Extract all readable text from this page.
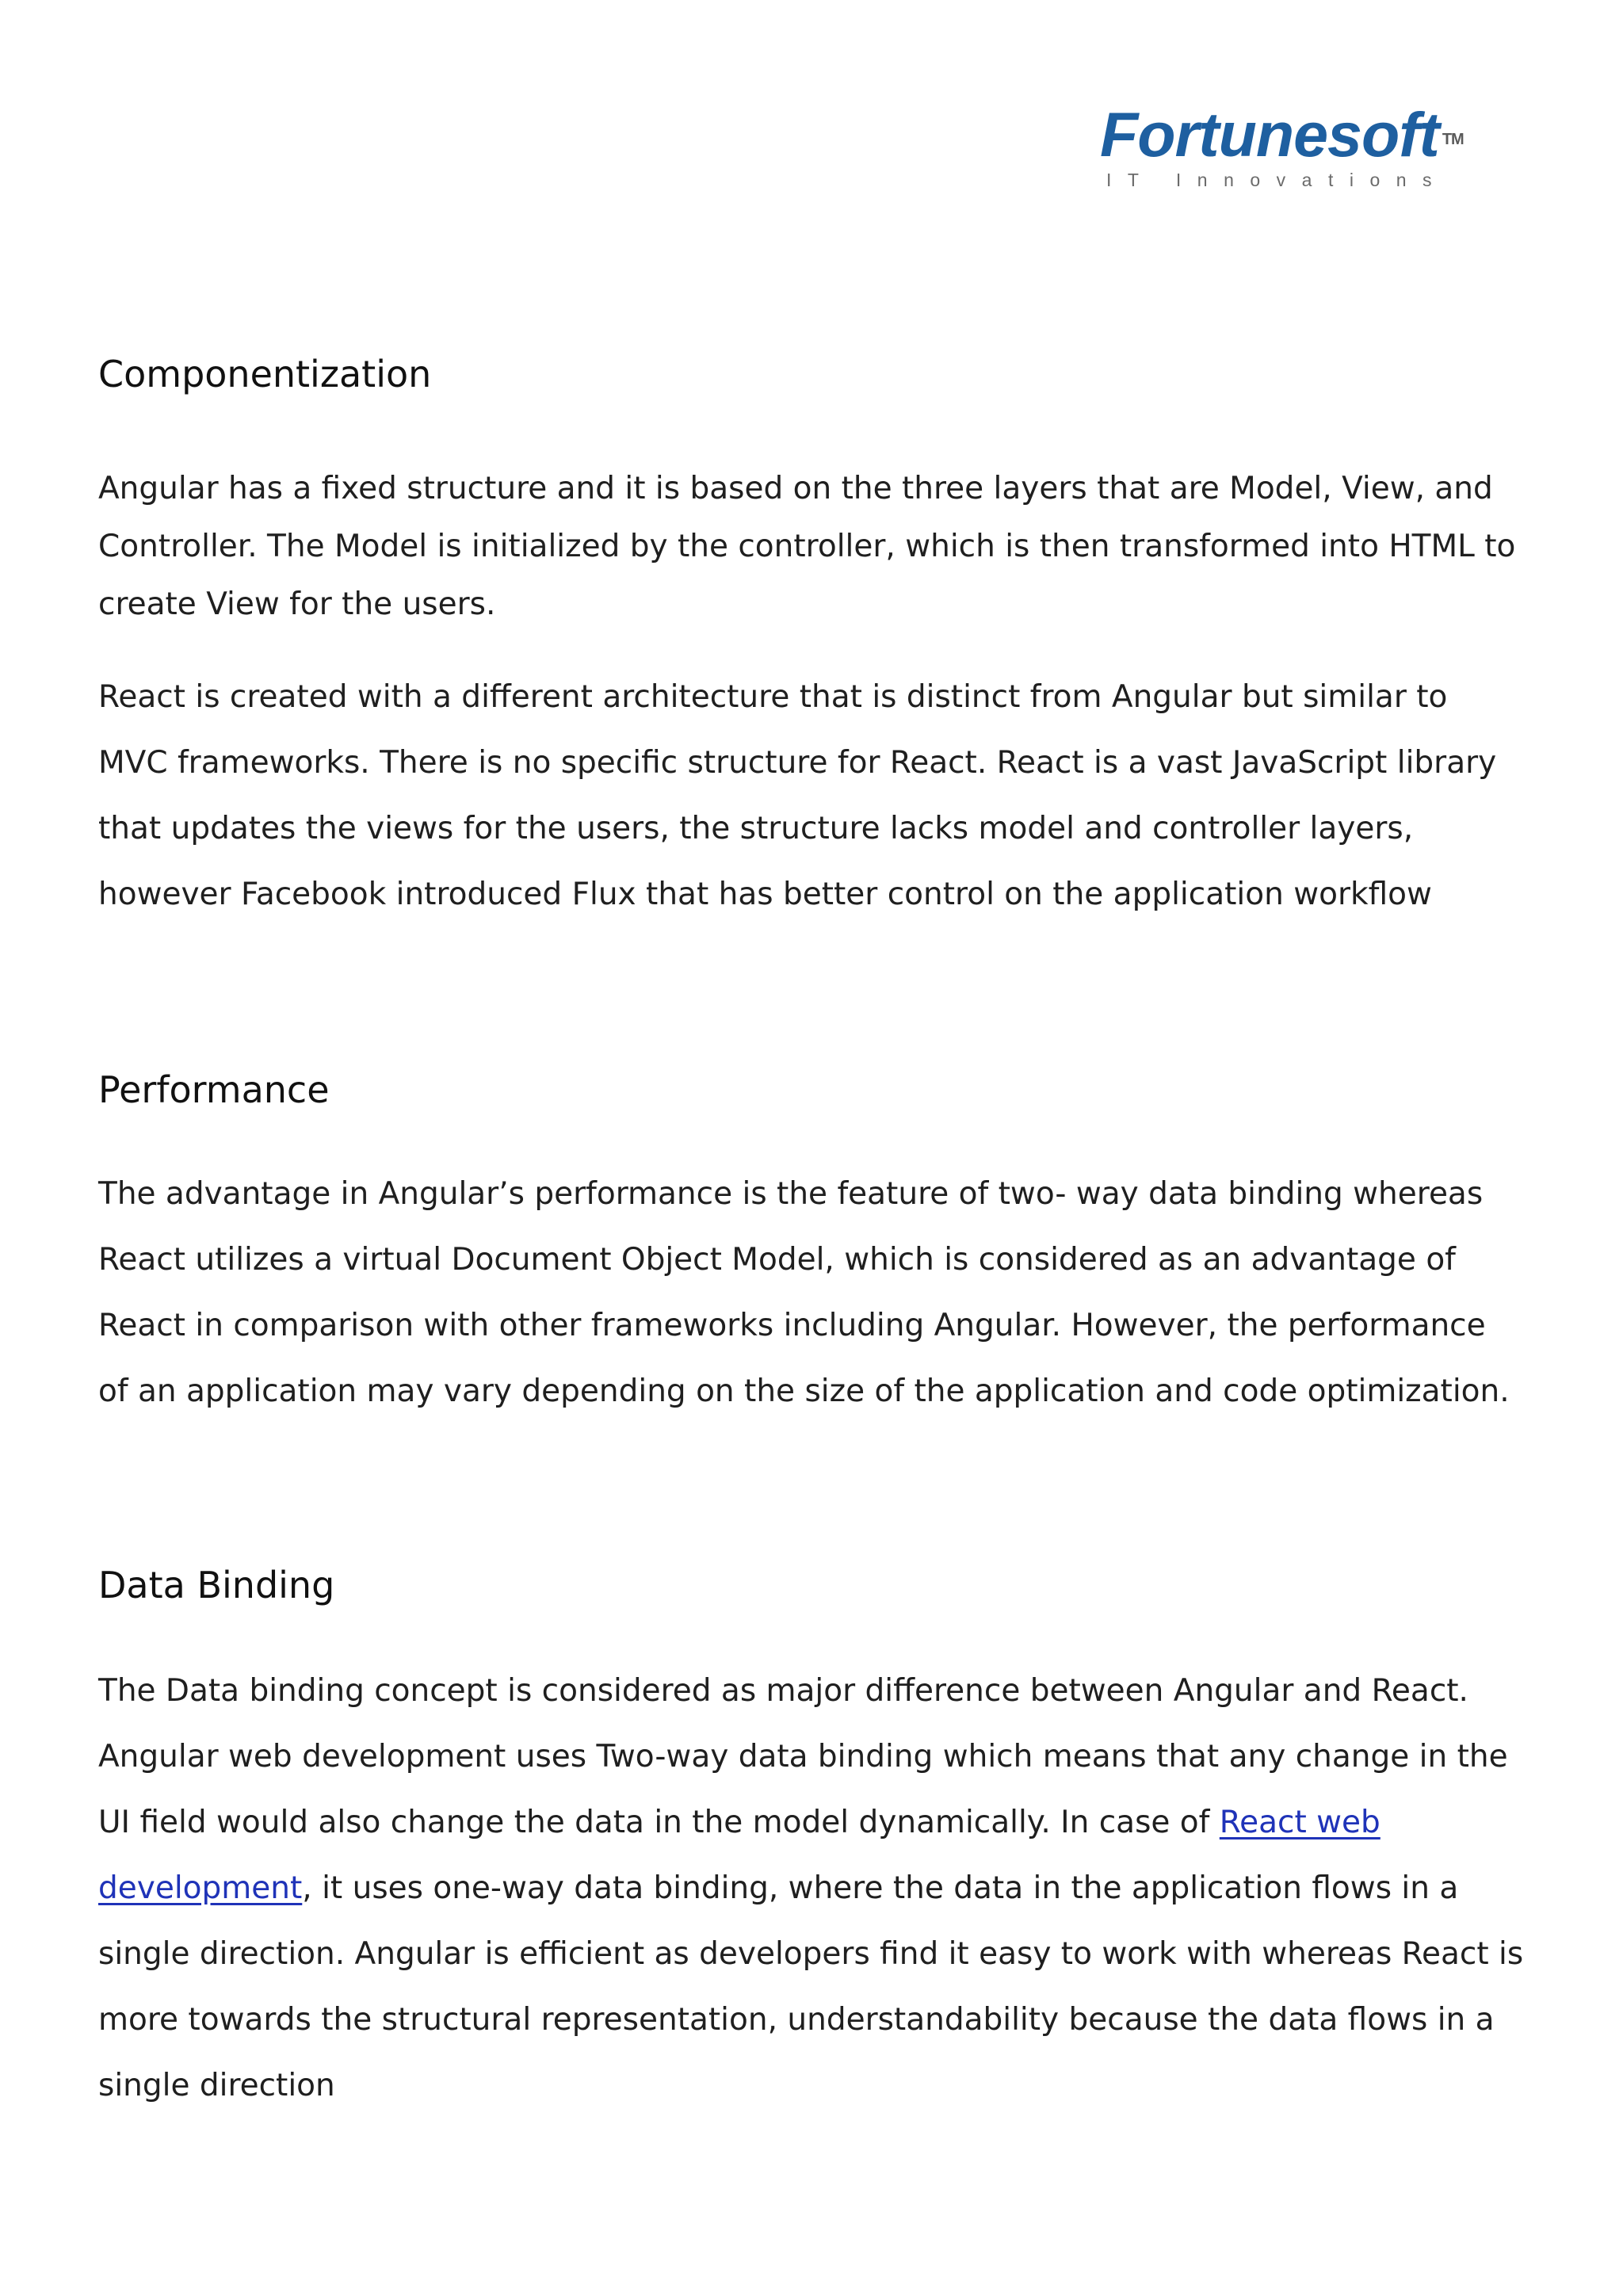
Fortunesoft ™
IT Innovations
Componentization

Angular has a fixed structure and it is based on the three layers that are Model, View, and Controller. The Model is initialized by the controller, which is then transformed into HTML to create View for the users.

React is created with a different architecture that is distinct from Angular but similar to MVC frameworks. There is no specific structure for React. React is a vast JavaScript library that updates the views for the users, the structure lacks model and controller layers, however Facebook introduced Flux that has better control on the application workflow

Performance

The advantage in Angular’s performance is the feature of two- way data binding whereas React utilizes a virtual Document Object Model, which is considered as an advantage of React in comparison with other frameworks including Angular. However, the performance of an application may vary depending on the size of the application and code optimization.

Data Binding

The Data binding concept is considered as major difference between Angular and React. Angular web development uses Two-way data binding which means that any change in the UI field would also change the data in the model dynamically. In case of React web development, it uses one-way data binding, where the data in the application flows in a single direction. Angular is efficient as developers find it easy to work with whereas React is more towards the structural representation, understandability because the data flows in a single direction
